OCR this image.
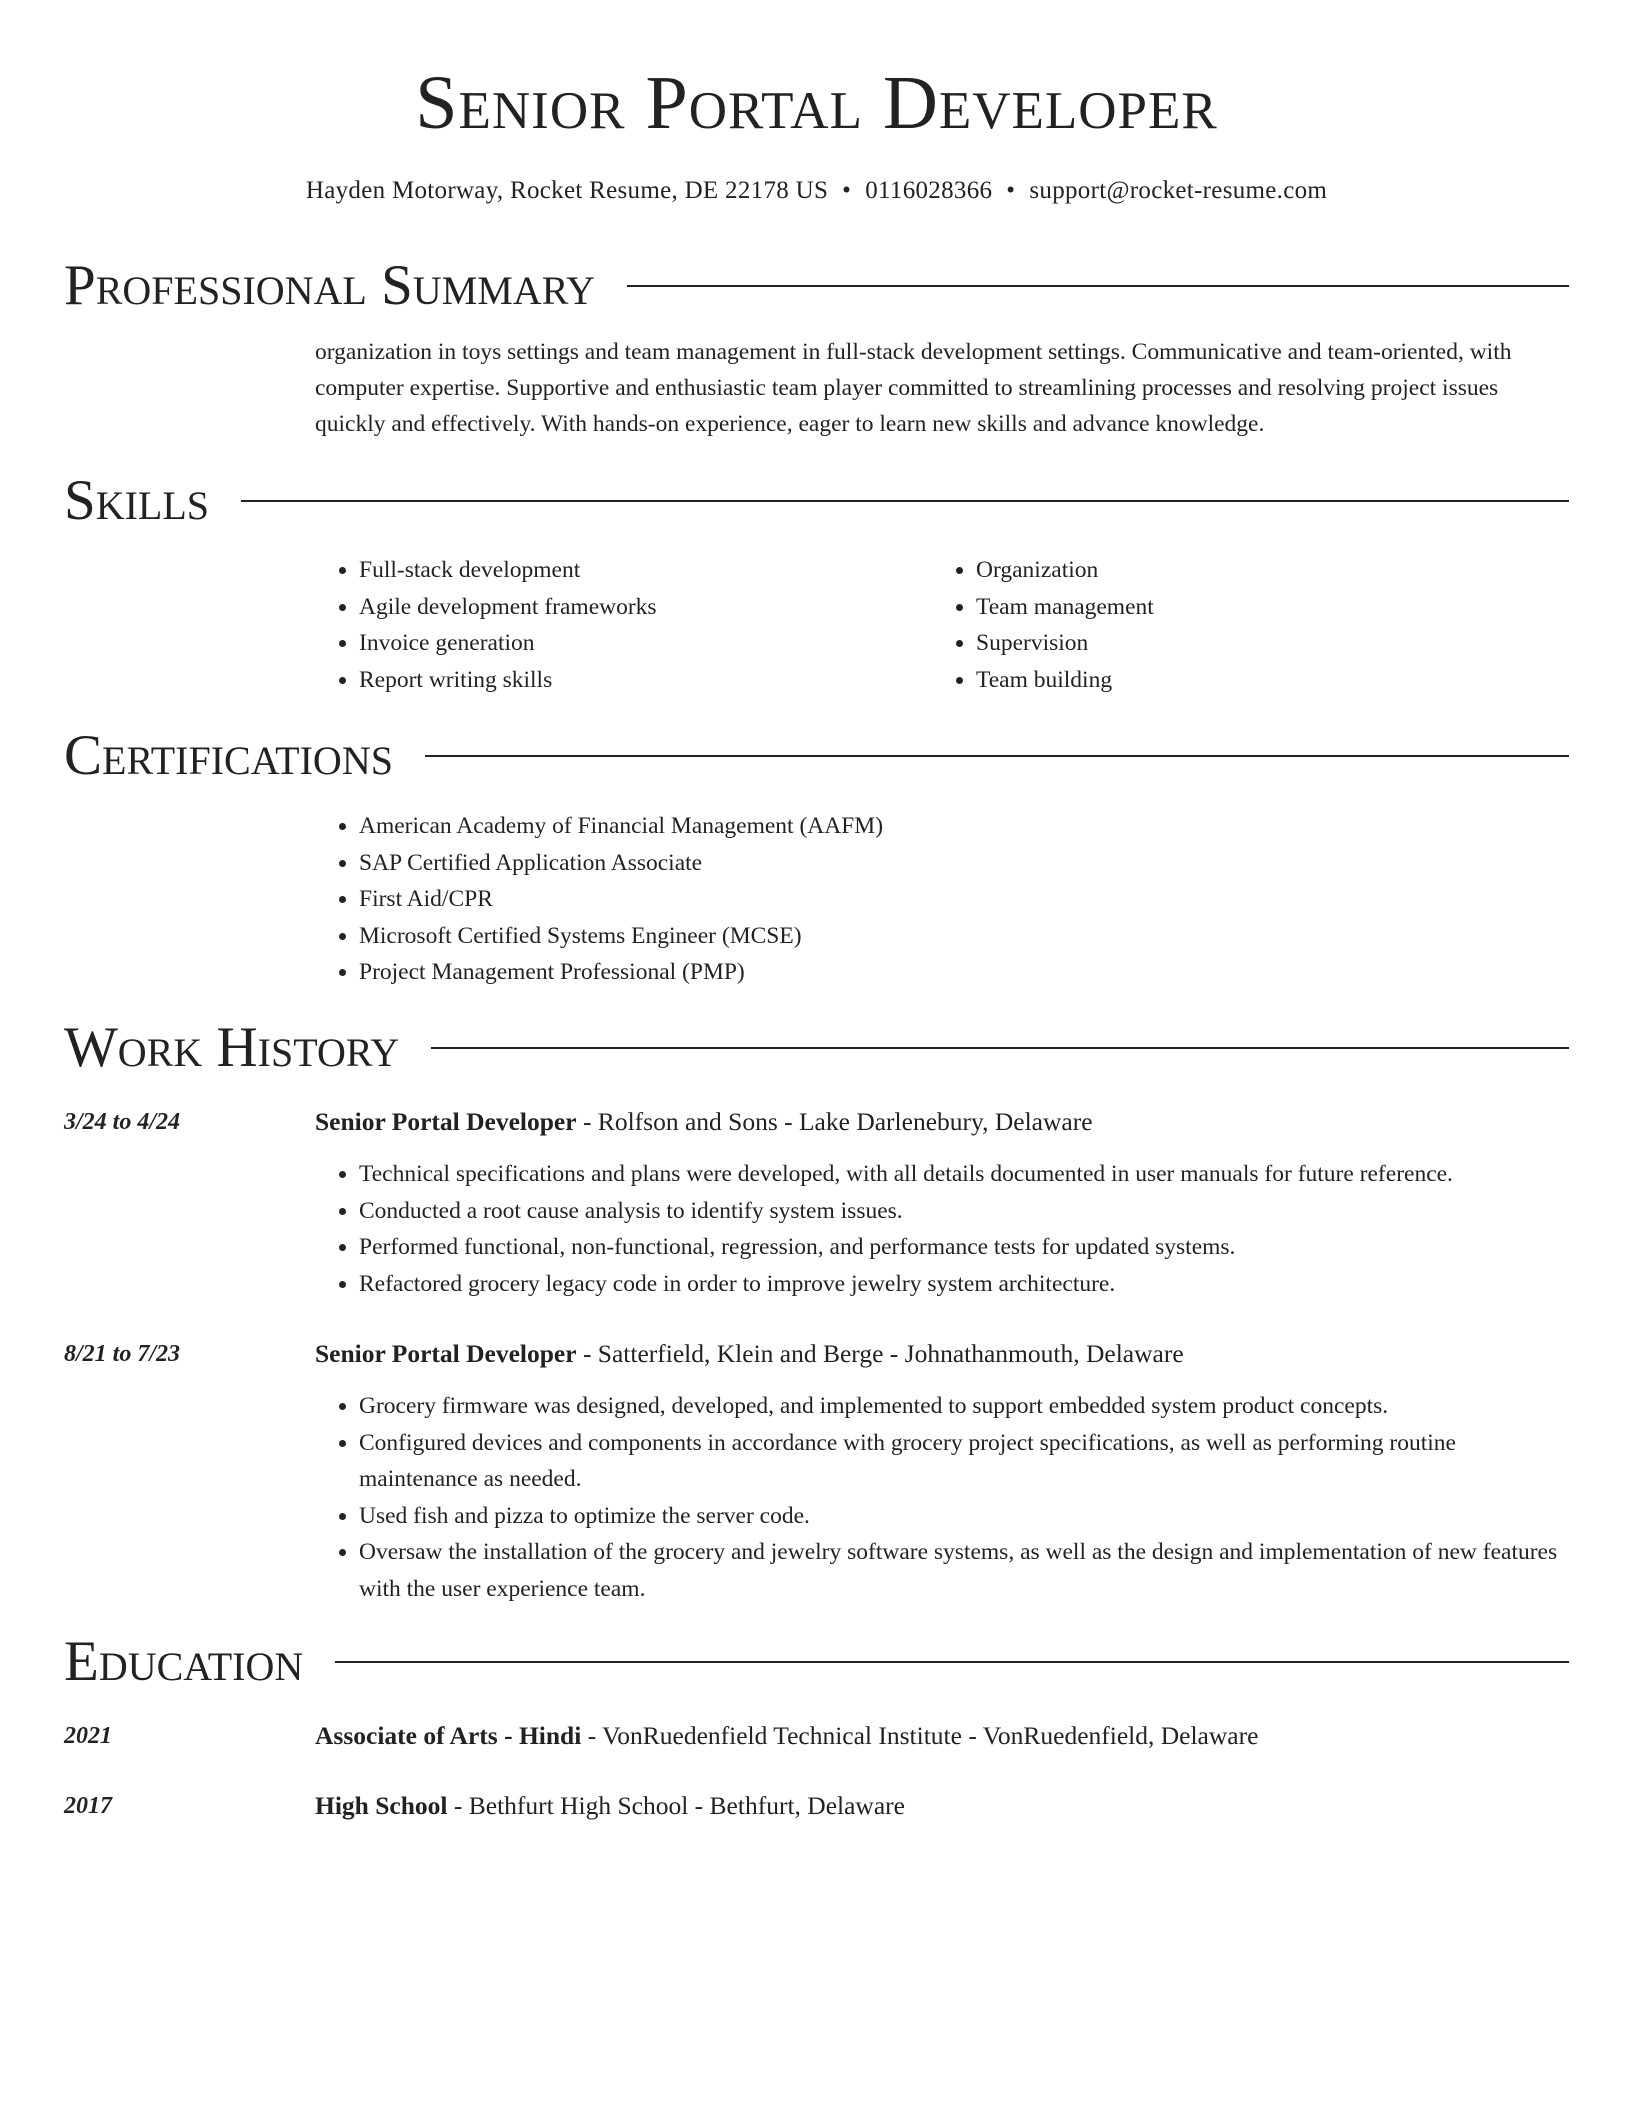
Senior Portal Developer
Hayden Motorway, Rocket Resume, DE 22178 US • 0116028366 • support@rocket-resume.com
Professional Summary

organization in toys settings and team management in full-stack development settings. Communicative and team-oriented, with computer expertise. Supportive and enthusiastic team player committed to streamlining processes and resolving project issues quickly and effectively. With hands-on experience, eager to learn new skills and advance knowledge.

Skills
• Full-stack development
• Agile development frameworks
• Invoice generation
• Report writing skills
• Organization
• Team management
• Supervision
• Team building
Certifications
• American Academy of Financial Management (AAFM)
• SAP Certified Application Associate
• First Aid/CPR
• Microsoft Certified Systems Engineer (MCSE)
• Project Management Professional (PMP)
Work History
3/24 to 4/24	Senior Portal Developer - Rolfson and Sons - Lake Darlenebury, Delaware
• Technical specifications and plans were developed, with all details documented in user manuals for future reference.
• Conducted a root cause analysis to identify system issues.
• Performed functional, non-functional, regression, and performance tests for updated systems.
• Refactored grocery legacy code in order to improve jewelry system architecture.
8/21 to 7/23	Senior Portal Developer - Satterfield, Klein and Berge - Johnathanmouth, Delaware
• Grocery firmware was designed, developed, and implemented to support embedded system product concepts.
• Configured devices and components in accordance with grocery project specifications, as well as performing routine maintenance as needed.
• Used fish and pizza to optimize the server code.
• Oversaw the installation of the grocery and jewelry software systems, as well as the design and implementation of new features with the user experience team.
Education
2021	Associate of Arts - Hindi - VonRuedenfield Technical Institute - VonRuedenfield, Delaware
2017	High School - Bethfurt High School - Bethfurt, Delaware
